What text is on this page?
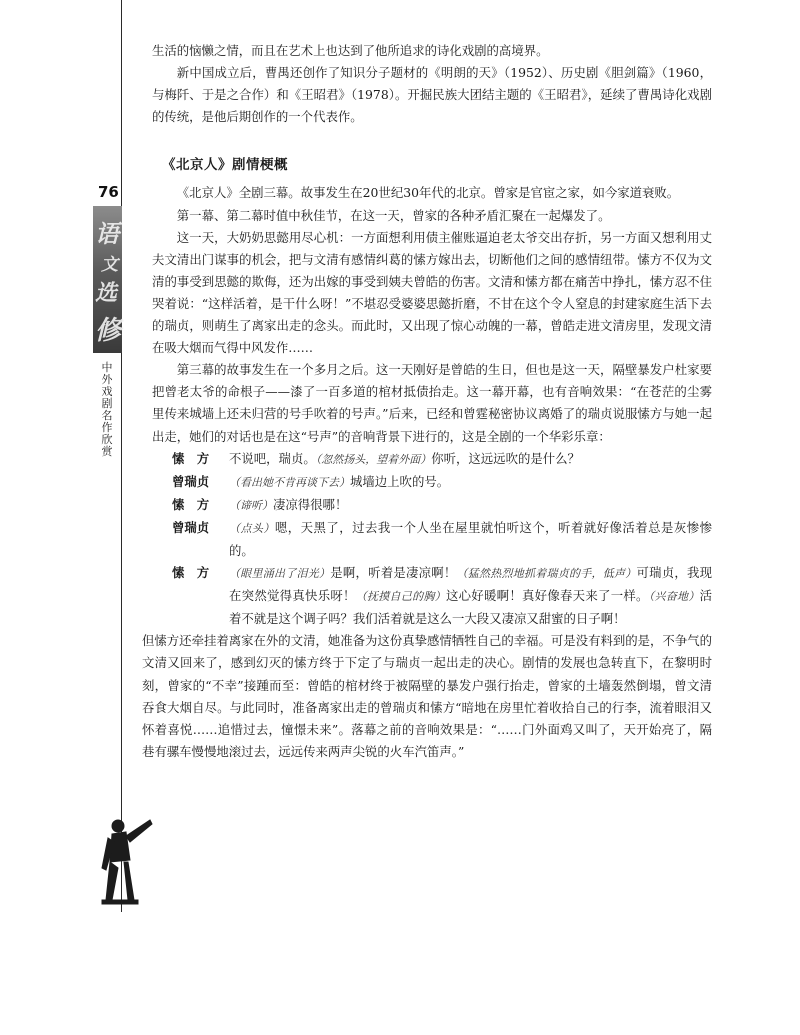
76
语
文
选
修
中外戏剧名作欣赏

生活的恼懒之情，而且在艺术上也达到了他所追求的诗化戏剧的高境界。

新中国成立后，曹禺还创作了知识分子题材的《明朗的天》（1952）、历史剧《胆剑篇》（1960，与梅阡、于是之合作）和《王昭君》（1978）。开掘民族大团结主题的《王昭君》，延续了曹禺诗化戏剧的传统，是他后期创作的一个代表作。

《北京人》剧情梗概

《北京人》全剧三幕。故事发生在20世纪30年代的北京。曾家是官宦之家，如今家道衰败。

第一幕、第二幕时值中秋佳节，在这一天，曾家的各种矛盾汇聚在一起爆发了。

这一天，大奶奶思懿用尽心机：一方面想利用债主催账逼迫老太爷交出存折，另一方面又想利用丈夫文清出门谋事的机会，把与文清有感情纠葛的愫方嫁出去，切断他们之间的感情纽带。愫方不仅为文清的事受到思懿的欺侮，还为出嫁的事受到姨夫曾皓的伤害。文清和愫方都在痛苦中挣扎，愫方忍不住哭着说：“这样活着，是干什么呀！”不堪忍受婆婆思懿折磨，不甘在这个令人窒息的封建家庭生活下去的瑞贞，则萌生了离家出走的念头。而此时，又出现了惊心动魄的一幕，曾皓走进文清房里，发现文清在吸大烟而气得中风发作……

第三幕的故事发生在一个多月之后。这一天刚好是曾皓的生日，但也是这一天，隔壁暴发户杜家要把曾老太爷的命根子——漆了一百多道的棺材抵债抬走。这一幕开幕，也有音响效果：“在苍茫的尘雾里传来城墙上还未归营的号手吹着的号声。”后来，已经和曾霆秘密协议离婚了的瑞贞说服愫方与她一起出走，她们的对话也是在这“号声”的音响背景下进行的，这是全剧的一个华彩乐章：

愫　方	不说吧，瑞贞。（忽然扬头，望着外面）你听，这远远吹的是什么？
曾瑞贞	（看出她不肯再谈下去）城墙边上吹的号。
愫　方	（谛听）凄凉得很哪！
曾瑞贞	（点头）嗯，天黑了，过去我一个人坐在屋里就怕听这个，听着就好像活着总是灰惨惨的。
愫　方	（眼里涌出了泪光）是啊，听着是凄凉啊！（猛然热烈地抓着瑞贞的手，低声）可瑞贞，我现在突然觉得真快乐呀！（抚摸自己的胸）这心好暖啊！真好像春天来了一样。（兴奋地）活着不就是这个调子吗？我们活着就是这么一大段又凄凉又甜蜜的日子啊！

但愫方还牵挂着离家在外的文清，她准备为这份真挚感情牺牲自己的幸福。可是没有料到的是，不争气的文清又回来了，感到幻灭的愫方终于下定了与瑞贞一起出走的决心。剧情的发展也急转直下，在黎明时刻，曾家的“不幸”接踵而至：曾皓的棺材终于被隔壁的暴发户强行抬走，曾家的土墙轰然倒塌，曾文清吞食大烟自尽。与此同时，准备离家出走的曾瑞贞和愫方“暗地在房里忙着收拾自己的行李，流着眼泪又怀着喜悦……追惜过去，憧憬未来”。落幕之前的音响效果是：“……门外面鸡又叫了，天开始亮了，隔巷有骡车慢慢地滚过去，远远传来两声尖锐的火车汽笛声。”
